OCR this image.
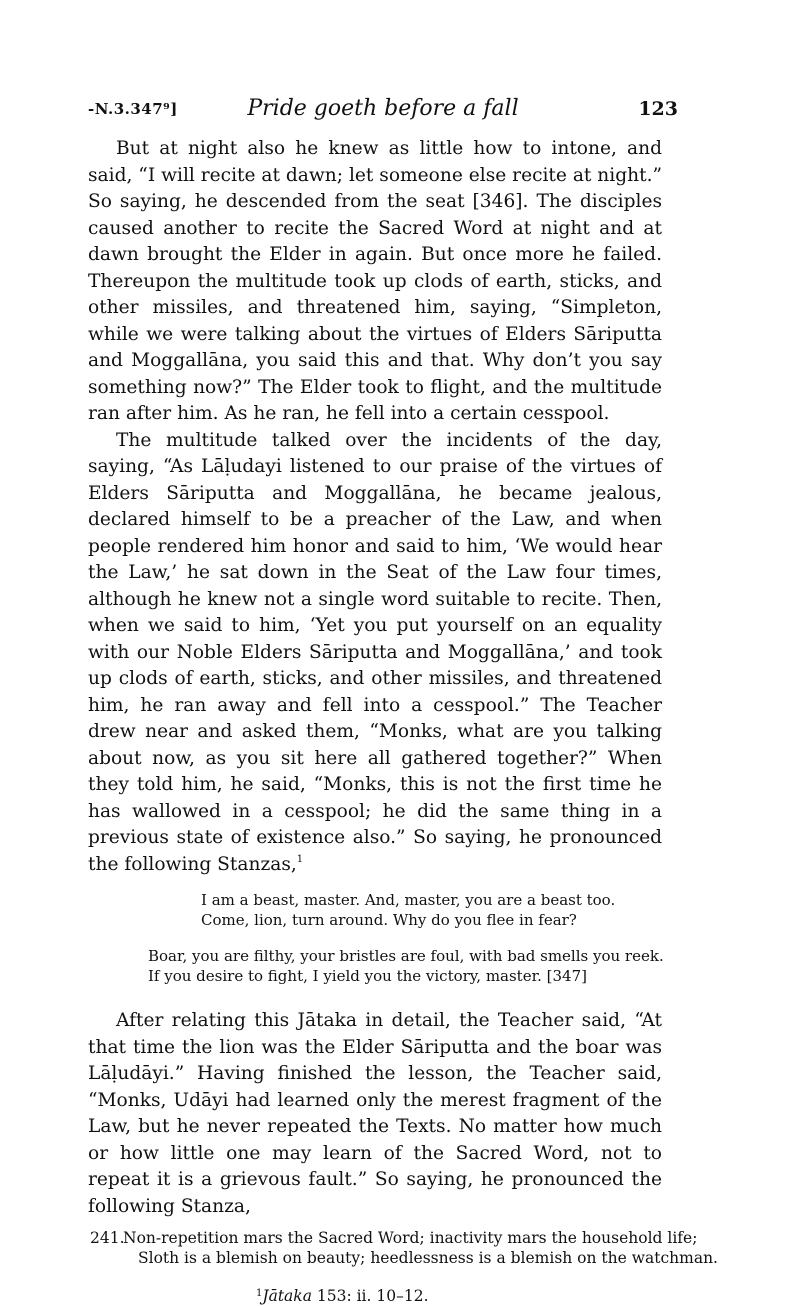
-N.3.347⁹]	Pride goeth before a fall	123

But at night also he knew as little how to intone, and said, “I will recite at dawn; let someone else recite at night.” So saying, he descended from the seat [346]. The disciples caused another to recite the Sacred Word at night and at dawn brought the Elder in again. But once more he failed. Thereupon the multitude took up clods of earth, sticks, and other missiles, and threatened him, saying, “Simpleton, while we were talking about the virtues of Elders Sāriputta and Moggallāna, you said this and that. Why don’t you say something now?” The Elder took to flight, and the multitude ran after him. As he ran, he fell into a certain cesspool.

The multitude talked over the incidents of the day, saying, “As Lāḷudayi listened to our praise of the virtues of Elders Sāriputta and Moggallāna, he became jealous, declared himself to be a preacher of the Law, and when people rendered him honor and said to him, ‘We would hear the Law,’ he sat down in the Seat of the Law four times, although he knew not a single word suitable to recite. Then, when we said to him, ‘Yet you put yourself on an equality with our Noble Elders Sāriputta and Moggallāna,’ and took up clods of earth, sticks, and other missiles, and threatened him, he ran away and fell into a cesspool.” The Teacher drew near and asked them, “Monks, what are you talking about now, as you sit here all gathered together?” When they told him, he said, “Monks, this is not the first time he has wallowed in a cesspool; he did the same thing in a previous state of existence also.” So saying, he pronounced the following Stanzas,$^1$

I am a beast, master. And, master, you are a beast too.

Come, lion, turn around. Why do you flee in fear?

Boar, you are filthy, your bristles are foul, with bad smells you reek.

If you desire to fight, I yield you the victory, master. [347]

After relating this Jātaka in detail, the Teacher said, “At that time the lion was the Elder Sāriputta and the boar was Lāḷudāyi.” Having finished the lesson, the Teacher said, “Monks, Udāyi had learned only the merest fragment of the Law, but he never repeated the Texts. No matter how much or how little one may learn of the Sacred Word, not to repeat it is a grievous fault.” So saying, he pronounced the following Stanza,

241.Non-repetition mars the Sacred Word; inactivity mars the household life;

Sloth is a blemish on beauty; heedlessness is a blemish on the watchman.

$^1$Jātaka 153: ii. 10–12.
